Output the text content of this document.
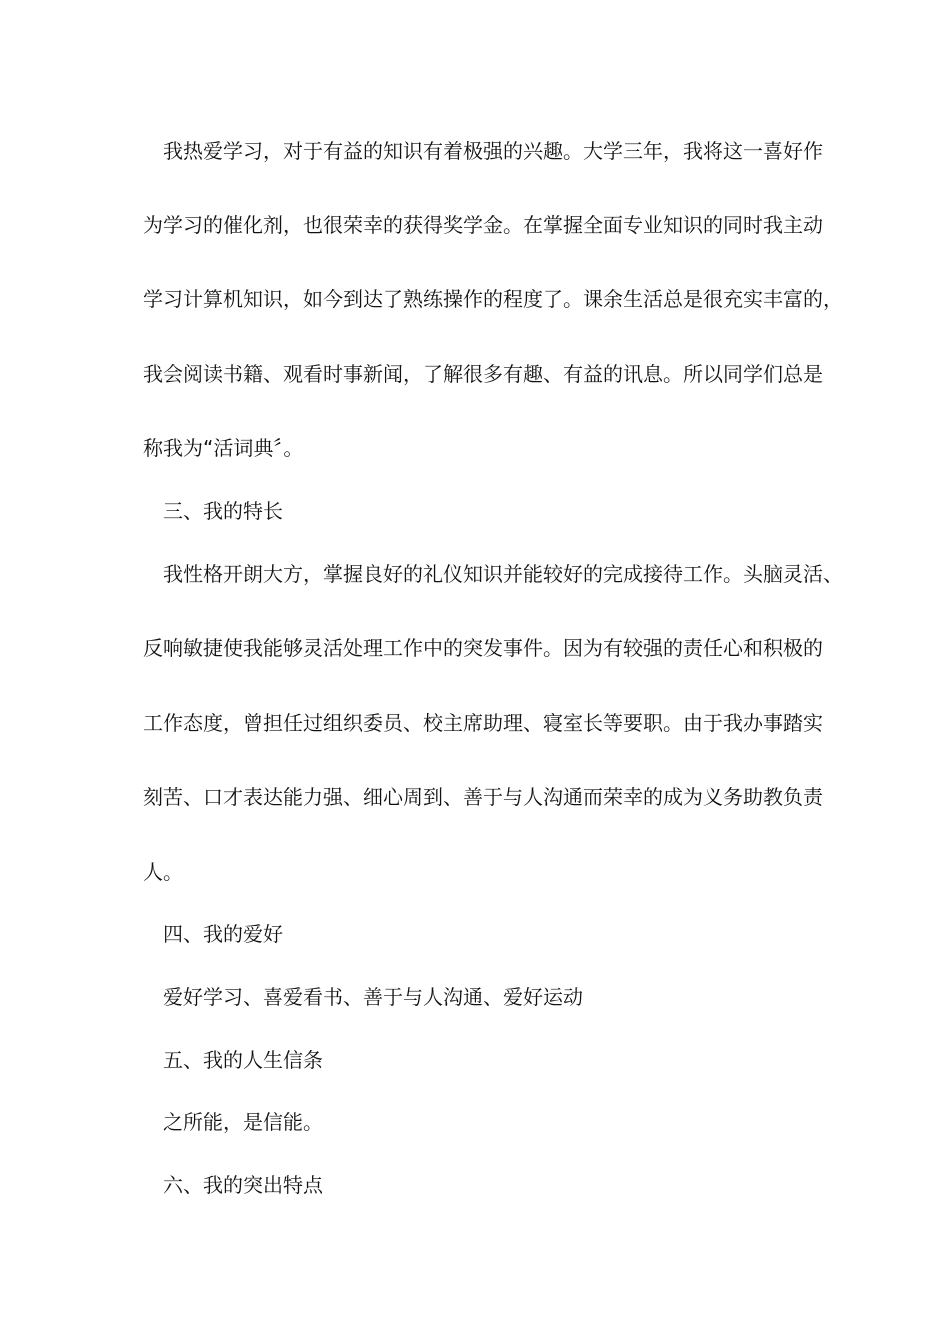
我热爱学习，对于有益的知识有着极强的兴趣。大学三年，我将这一喜好作
为学习的催化剂，也很荣幸的获得奖学金。在掌握全面专业知识的同时我主动
学习计算机知识，如今到达了熟练操作的程度了。课余生活总是很充实丰富的，
我会阅读书籍、观看时事新闻，了解很多有趣、有益的讯息。所以同学们总是
称我为“活词典〞。
三、我的特长
我性格开朗大方，掌握良好的礼仪知识并能较好的完成接待工作。头脑灵活、
反响敏捷使我能够灵活处理工作中的突发事件。因为有较强的责任心和积极的
工作态度，曾担任过组织委员、校主席助理、寝室长等要职。由于我办事踏实
刻苦、口才表达能力强、细心周到、善于与人沟通而荣幸的成为义务助教负责
人。
四、我的爱好
爱好学习、喜爱看书、善于与人沟通、爱好运动
五、我的人生信条
之所能，是信能。
六、我的突出特点
